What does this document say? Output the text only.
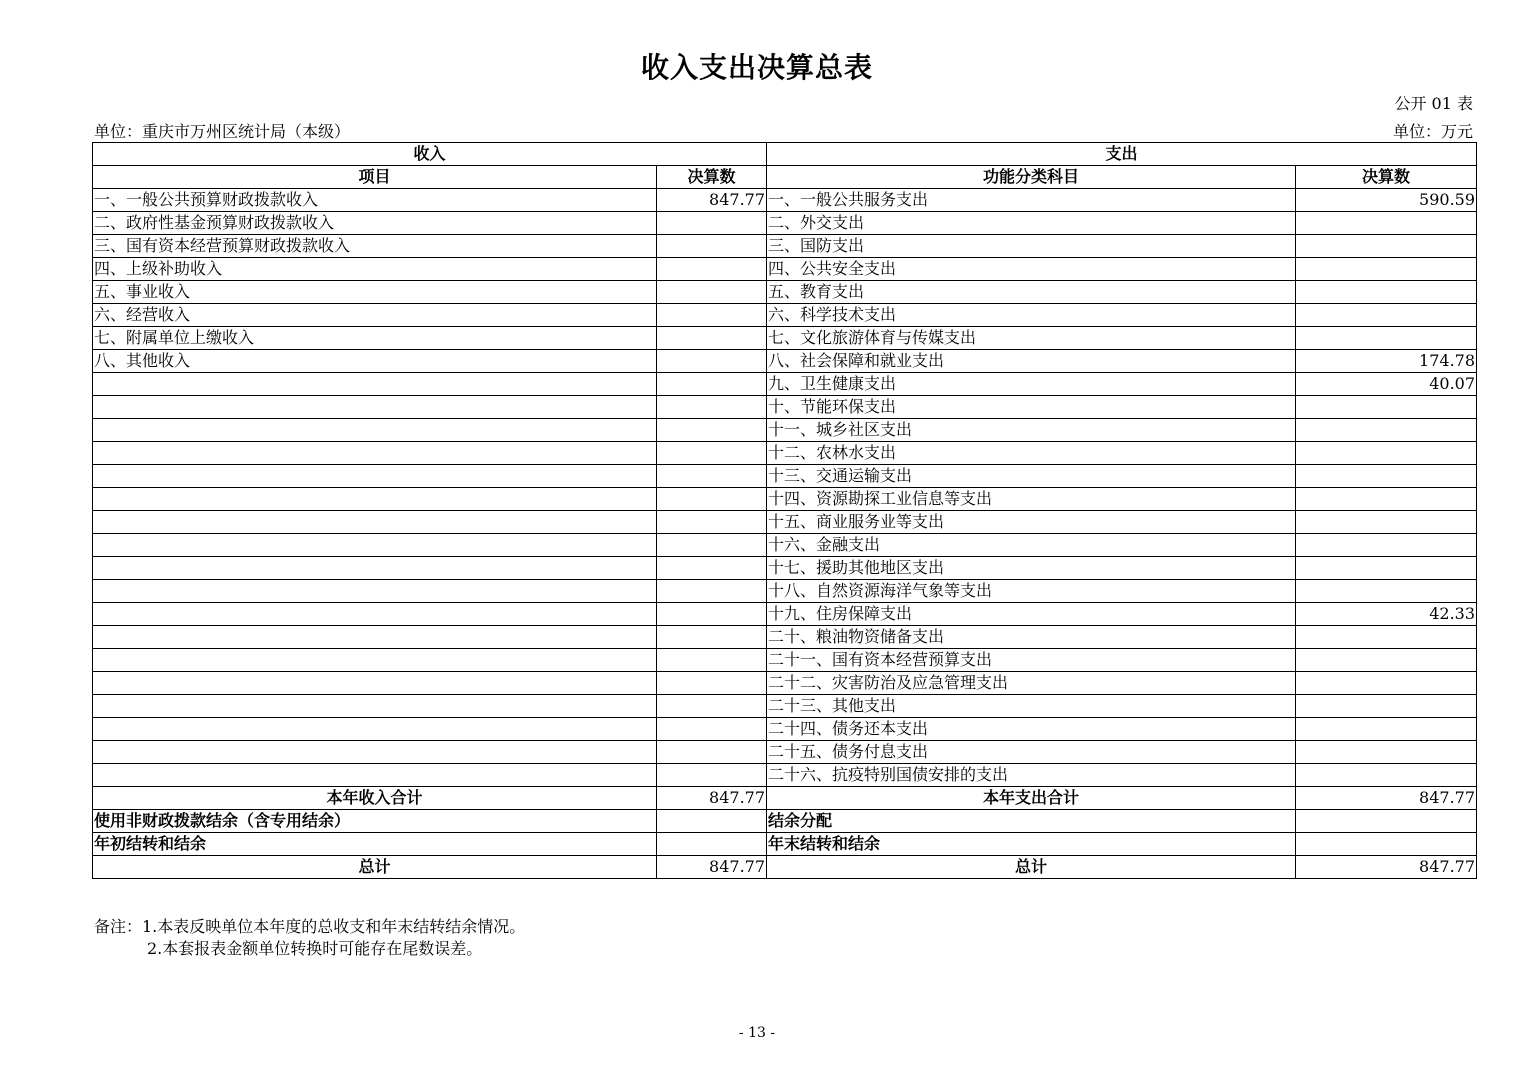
收入支出决算总表
公开 01 表
单位：重庆市万州区统计局（本级）	单位：万元
收入		支出	
项目	决算数	功能分类科目	决算数
一、一般公共预算财政拨款收入	847.77	一、一般公共服务支出	590.59
二、政府性基金预算财政拨款收入		二、外交支出	
三、国有资本经营预算财政拨款收入		三、国防支出	
四、上级补助收入		四、公共安全支出	
五、事业收入		五、教育支出	
六、经营收入		六、科学技术支出	
七、附属单位上缴收入		七、文化旅游体育与传媒支出	
八、其他收入		八、社会保障和就业支出	174.78
		九、卫生健康支出	40.07
		十、节能环保支出	
		十一、城乡社区支出	
		十二、农林水支出	
		十三、交通运输支出	
		十四、资源勘探工业信息等支出	
		十五、商业服务业等支出	
		十六、金融支出	
		十七、援助其他地区支出	
		十八、自然资源海洋气象等支出	
		十九、住房保障支出	42.33
		二十、粮油物资储备支出	
		二十一、国有资本经营预算支出	
		二十二、灾害防治及应急管理支出	
		二十三、其他支出	
		二十四、债务还本支出	
		二十五、债务付息支出	
		二十六、抗疫特别国债安排的支出	
本年收入合计	847.77	本年支出合计	847.77
使用非财政拨款结余（含专用结余）		结余分配	
年初结转和结余		年末结转和结余	
总计	847.77	总计	847.77
备注：1.本表反映单位本年度的总收支和年末结转结余情况。
2.本套报表金额单位转换时可能存在尾数误差。
- 13 -
